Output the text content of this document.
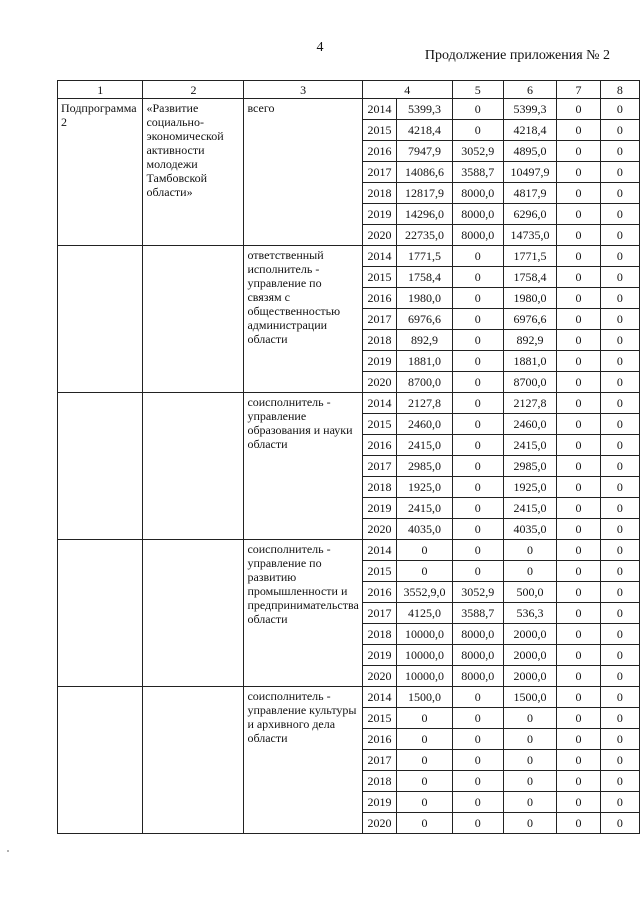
4
Продолжение приложения № 2
1	2	3	4		5	6	7	8
Подпрограмма 2	«Развитие социально-экономической активности молодежи Тамбовской области»	всего	2014	5399,3	0	5399,3	0	0
			2015	4218,4	0	4218,4	0	0
			2016	7947,9	3052,9	4895,0	0	0
			2017	14086,6	3588,7	10497,9	0	0
			2018	12817,9	8000,0	4817,9	0	0
			2019	14296,0	8000,0	6296,0	0	0
			2020	22735,0	8000,0	14735,0	0	0
		ответственный исполнитель - управление по связям с общественностью администрации области	2014	1771,5	0	1771,5	0	0
			2015	1758,4	0	1758,4	0	0
			2016	1980,0	0	1980,0	0	0
			2017	6976,6	0	6976,6	0	0
			2018	892,9	0	892,9	0	0
			2019	1881,0	0	1881,0	0	0
			2020	8700,0	0	8700,0	0	0
		соисполнитель - управление образования и науки области	2014	2127,8	0	2127,8	0	0
			2015	2460,0	0	2460,0	0	0
			2016	2415,0	0	2415,0	0	0
			2017	2985,0	0	2985,0	0	0
			2018	1925,0	0	1925,0	0	0
			2019	2415,0	0	2415,0	0	0
			2020	4035,0	0	4035,0	0	0
		соисполнитель - управление по развитию промышленности и предпринимательства области	2014	0	0	0	0	0
			2015	0	0	0	0	0
			2016	3552,9,0	3052,9	500,0	0	0
			2017	4125,0	3588,7	536,3	0	0
			2018	10000,0	8000,0	2000,0	0	0
			2019	10000,0	8000,0	2000,0	0	0
			2020	10000,0	8000,0	2000,0	0	0
		соисполнитель - управление культуры и архивного дела области	2014	1500,0	0	1500,0	0	0
			2015	0	0	0	0	0
			2016	0	0	0	0	0
			2017	0	0	0	0	0
			2018	0	0	0	0	0
			2019	0	0	0	0	0
			2020	0	0	0	0	0
